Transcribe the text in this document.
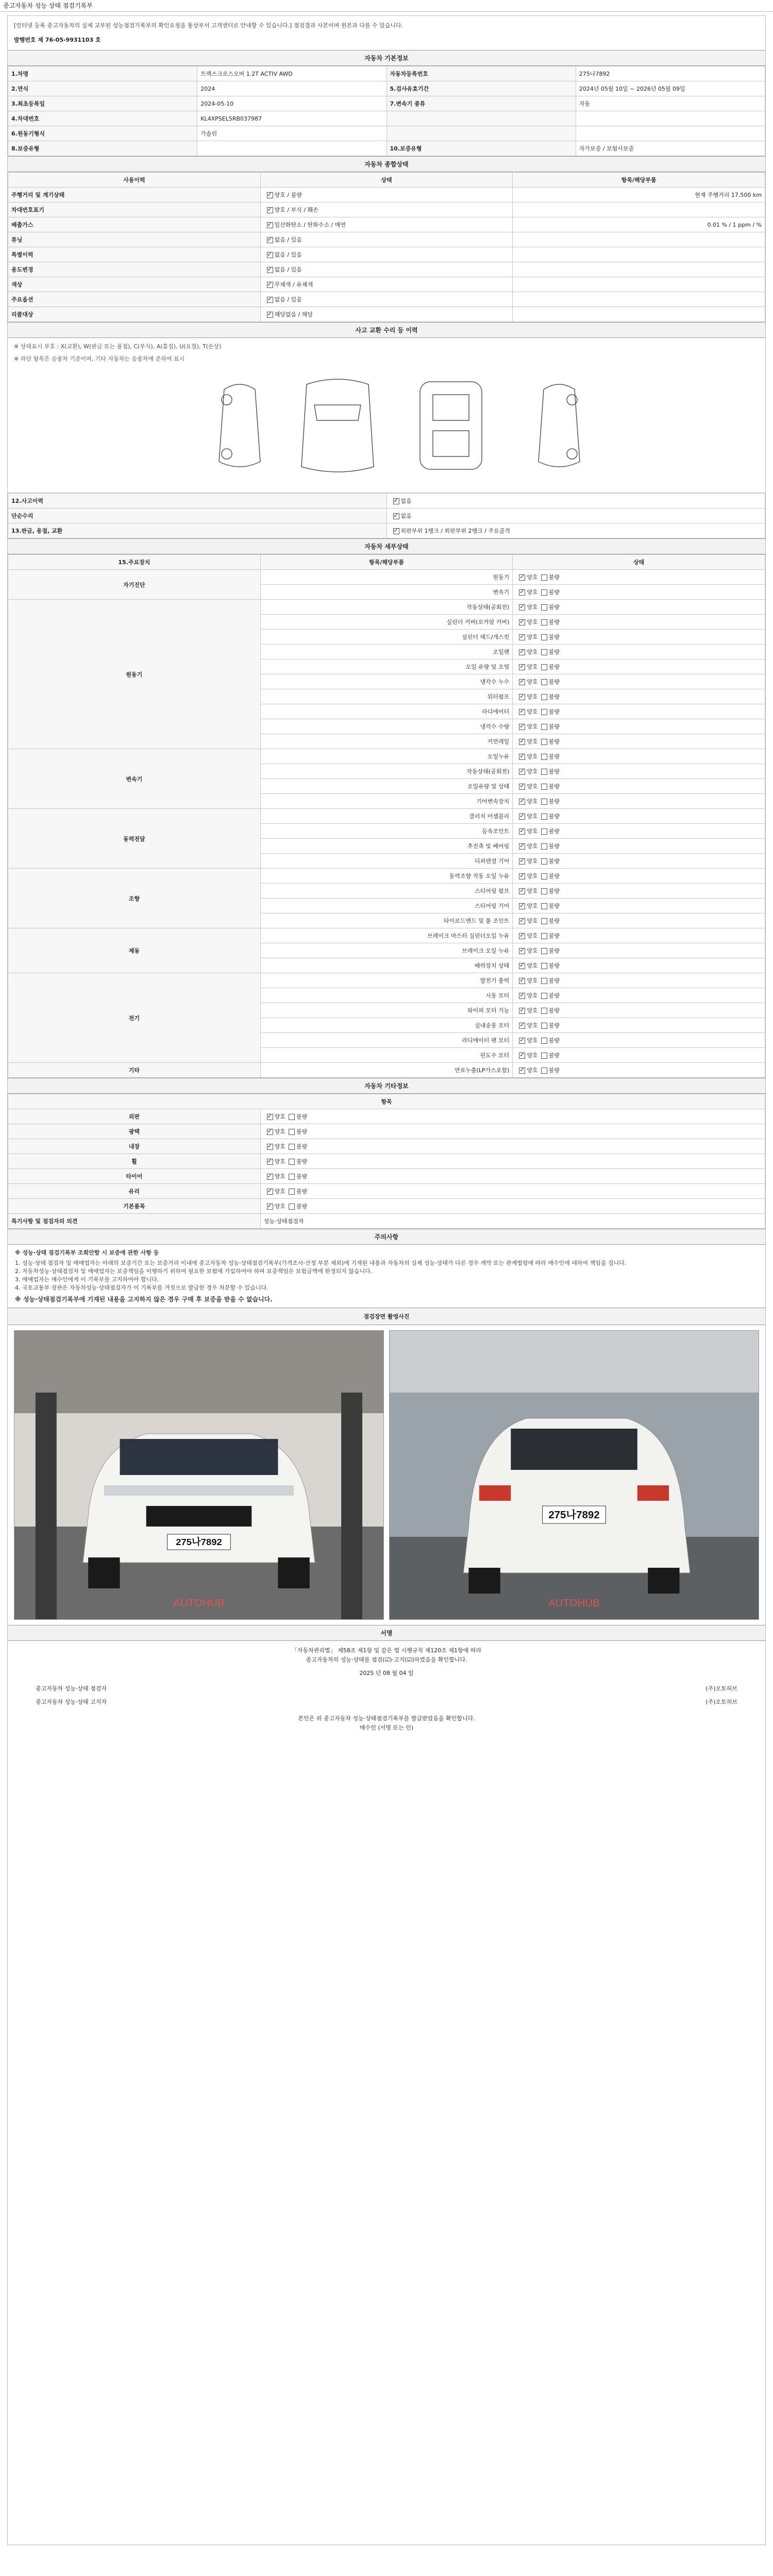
중고자동차 성능 상태 점검기록부
[인터넷 등록 중고자동차의 실제 교부된 성능점검기록부의 확인요청을 통상부서 고객센터로 안내할 수 있습니다.] 점검결과 사본이며 원본과 다를 수 있습니다.
발행번호 제 76-05-9931103 호
자동차 기본정보
1.차명	트랙스크로스오버 1.2T ACTIV AWD	자동차등록번호	275나7892
2.연식	2024	5.검사유효기간	2024년 05월 10일 ~ 2026년 05월 09일
3.최초등록일	2024-05-10	7.변속기 종류	자동
4.차대번호	KL4XPSEL5RB037987		
6.원동기형식	가솔린		
8.보증유형		10.보증유형	자가보증 / 보험사보증
자동차 종합상태
사용이력	상태	항목/해당부품
주행거리 및 계기상태	✓양호 / 불량	현재 주행거리 17,500 km
차대번호표기	✓양호 / 부식 / 훼손	
배출가스	✓일산화탄소 / 탄화수소 / 매연	0.01 % / 1 ppm / %
튜닝	✓없음 / 있음	
특별이력	✓없음 / 있음	
용도변경	✓없음 / 있음	
색상	✓무채색 / 유채색	
주요옵션	✓없음 / 있음	
리콜대상	✓해당없음 / 해당	
사고 교환 수리 등 이력
※ 상태표시 부호 : X(교환), W(판금 또는 용접), C(부식), A(흠집), U(요철), T(손상)
※ 하단 항목은 승용차 기준이며, 기타 자동차는 승용차에 준하여 표시
12.사고이력	✓없음
단순수리	✓없음
13.판금, 용접, 교환	✓외판부위 1랭크 / 외판부위 2랭크 / 주요골격
자동차 세부상태
15.주요장치	항목/해당부품	상태
자기진단	원동기	✓양호 불량
	변속기	✓양호 불량
원동기	작동상태(공회전)	✓양호 불량
	실린더 커버(로커암 커버)	✓양호 불량
	실린더 헤드/개스킷	✓양호 불량
	오일팬	✓양호 불량
	오일 유량 및 오염	✓양호 불량
	냉각수 누수	✓양호 불량
	워터펌프	✓양호 불량
	라디에이터	✓양호 불량
	냉각수 수량	✓양호 불량
	커먼레일	✓양호 불량
변속기	오일누유	✓양호 불량
	작동상태(공회전)	✓양호 불량
	오일유량 및 상태	✓양호 불량
	기어변속장치	✓양호 불량
동력전달	클러치 어셈블리	✓양호 불량
	등속조인트	✓양호 불량
	추진축 및 베어링	✓양호 불량
	디퍼렌셜 기어	✓양호 불량
조향	동력조향 작동 오일 누유	✓양호 불량
	스티어링 펌프	✓양호 불량
	스티어링 기어	✓양호 불량
	타이로드엔드 및 볼 조인트	✓양호 불량
제동	브레이크 마스터 실린더오일 누유	✓양호 불량
	브레이크 오일 누유	✓양호 불량
	배력장치 상태	✓양호 불량
전기	발전기 출력	✓양호 불량
	시동 모터	✓양호 불량
	와이퍼 모터 기능	✓양호 불량
	실내송풍 모터	✓양호 불량
	라디에이터 팬 모터	✓양호 불량
	윈도우 모터	✓양호 불량
기타	연료누출(LP가스포함)	✓양호 불량
자동차 기타정보
항목	
외판	✓양호 불량
광택	✓양호 불량
내장	✓양호 불량
휠	✓양호 불량
타이어	✓양호 불량
유리	✓양호 불량
기본품목	✓양호 불량
특기사항 및 점검자의 의견	성능·상태점검자
주의사항
※ 성능·상태 점검기록부 조회안함 시 보증에 관한 사항 등
1. 성능·상태 점검자 및 매매업자는 아래의 보증기간 또는 보증거리 이내에 중고자동차 성능·상태점검기록부(가격조사·산정 부분 제외)에 기재된 내용과 자동차의 실제 성능·상태가 다른 경우 계약 또는 관계법령에 따라 매수인에 대하여 책임을 집니다.
2. 자동차성능·상태점검자 및 매매업자는 보증책임을 이행하기 위하여 필요한 보험에 가입하여야 하며 보증책임은 보험금액에 한정되지 않습니다.
3. 매매업자는 매수인에게 이 기록부를 고지하여야 합니다.
4. 국토교통부 장관은 자동차성능·상태점검자가 이 기록부를 거짓으로 발급한 경우 처분할 수 있습니다.
※ 성능·상태점검기록부에 기재된 내용을 고지하지 않은 경우 구매 후 보증을 받을 수 없습니다.
점검장면 촬영사진
275나7892
AUTOHUB
275나7892
AUTOHUB
서명
「자동차관리법」 제58조 제1항 및 같은 법 시행규칙 제120조 제1항에 따라
중고자동차의 성능·상태를 점검(☑)·고지(☑)하였음을 확인합니다.
2025 년 08 월 04 일
중고자동차 성능·상태 점검자	(주)오토허브
중고자동차 성능·상태 고지자	(주)오토허브
본인은 위 중고자동차 성능·상태점검기록부를 발급받았음을 확인합니다.
매수인 (서명 또는 인)
